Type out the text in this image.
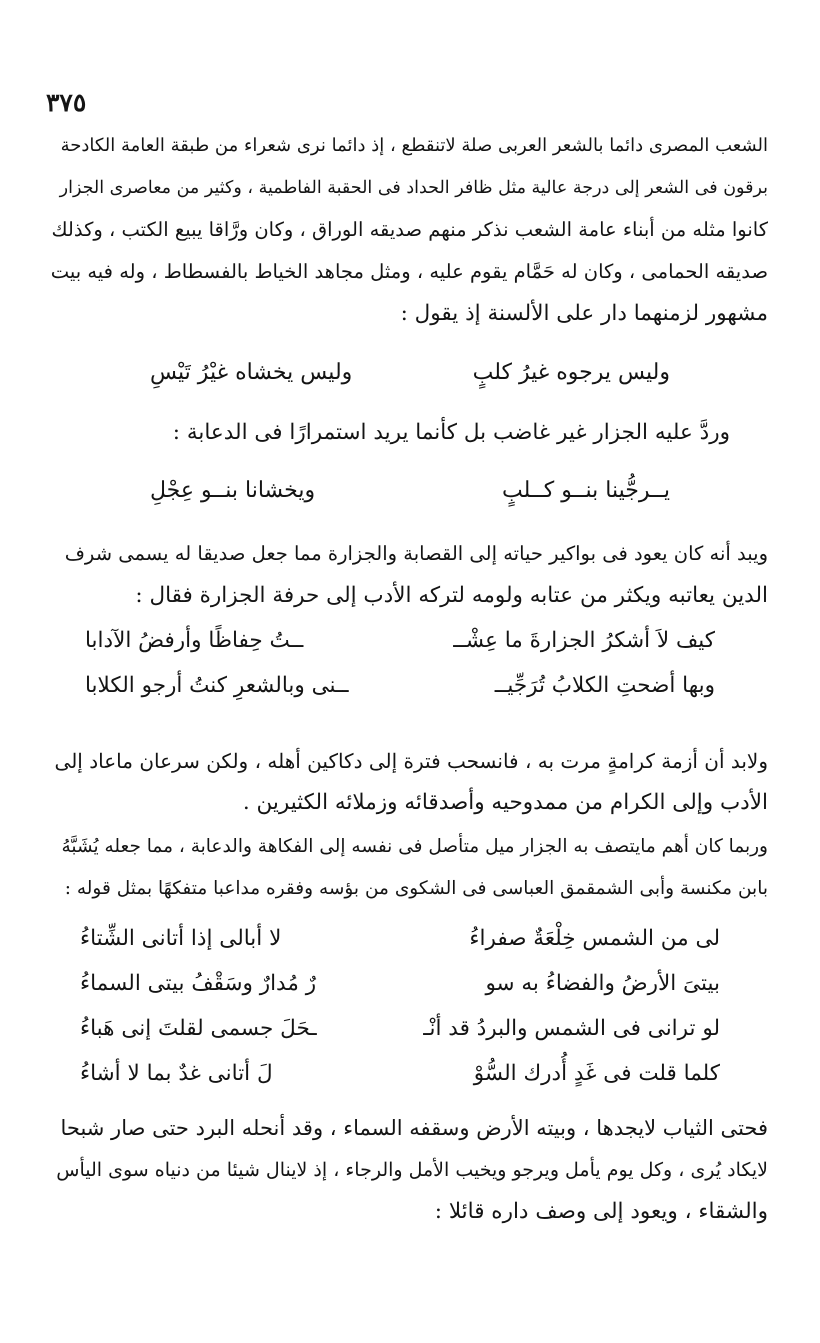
٣٧٥
الشعب المصرى دائما بالشعر العربى صلة لاتنقطع ، إذ دائما نرى شعراء من طبقة العامة الكادحة
برقون فى الشعر إلى درجة عالية مثل ظافر الحداد فى الحقبة الفاطمية ، وكثير من معاصرى الجزار
كانوا مثله من أبناء عامة الشعب نذكر منهم صديقه الوراق ، وكان ورَّاقا يبيع الكتب ، وكذلك
صديقه الحمامى ، وكان له حَمَّام يقوم عليه ، ومثل مجاهد الخياط بالفسطاط ، وله فيه بيت
مشهور لزمنهما دار على الألسنة إذ يقول :
وليس يرجوه غيرُ كلبٍ
وليس يخشاه غيْرُ تَيْسِ
وردَّ عليه الجزار غير غاضب بل كأنما يريد استمرارًا فى الدعابة :
يــرجُّينا بنــو كــلبٍ
ويخشانا بنــو عِجْلِ
ويبد أنه كان يعود فى بواكير حياته إلى القصابة والجزارة مما جعل صديقا له يسمى شرف
الدين يعاتبه ويكثر من عتابه ولومه لتركه الأدب إلى حرفة الجزارة فقال :
كيف لاَ أشكرُ الجزارةَ ما عِشْــ
ــتُ حِفاظًا وأرفضُ الآدابا
وبها أضحتِ الكلابُ تُرَجِّيــ
ــنى وبالشعرِ كنتُ أرجو الكلابا
ولابد أن أزمة كرامةٍ مرت به ، فانسحب فترة إلى دكاكين أهله ، ولكن سرعان ماعاد إلى
الأدب وإلى الكرام من ممدوحيه وأصدقائه وزملائه الكثيرين .
وربما كان أهم مايتصف به الجزار ميل متأصل فى نفسه إلى الفكاهة والدعابة ، مما جعله يُشَبَّهُ
بابن مكنسة وأبى الشمقمق العباسى فى الشكوى من بؤسه وفقره مداعبا متفكهًا بمثل قوله :
لى من الشمس خِلْعَةٌ صفراءُ
لا أبالى إذا أتانى الشِّتاءُ
بيتىَ الأرضُ والفضاءُ به سو
رٌ مُدارٌ وسَقْفُ بيتى السماءُ
لو ترانى فى الشمس والبردُ قد أنْـ
ـحَلَ جسمى لقلتَ إنى هَباءُ
كلما قلت فى غَدٍ أُدرك السُّوْ
لَ أتانى غدٌ بما لا أشاءُ
فحتى الثياب لايجدها ، وبيته الأرض وسقفه السماء ، وقد أنحله البرد حتى صار شبحا
لايكاد يُرى ، وكل يوم يأمل ويرجو ويخيب الأمل والرجاء ، إذ لاينال شيئا من دنياه سوى اليأس
والشقاء ، ويعود إلى وصف داره قائلا :
